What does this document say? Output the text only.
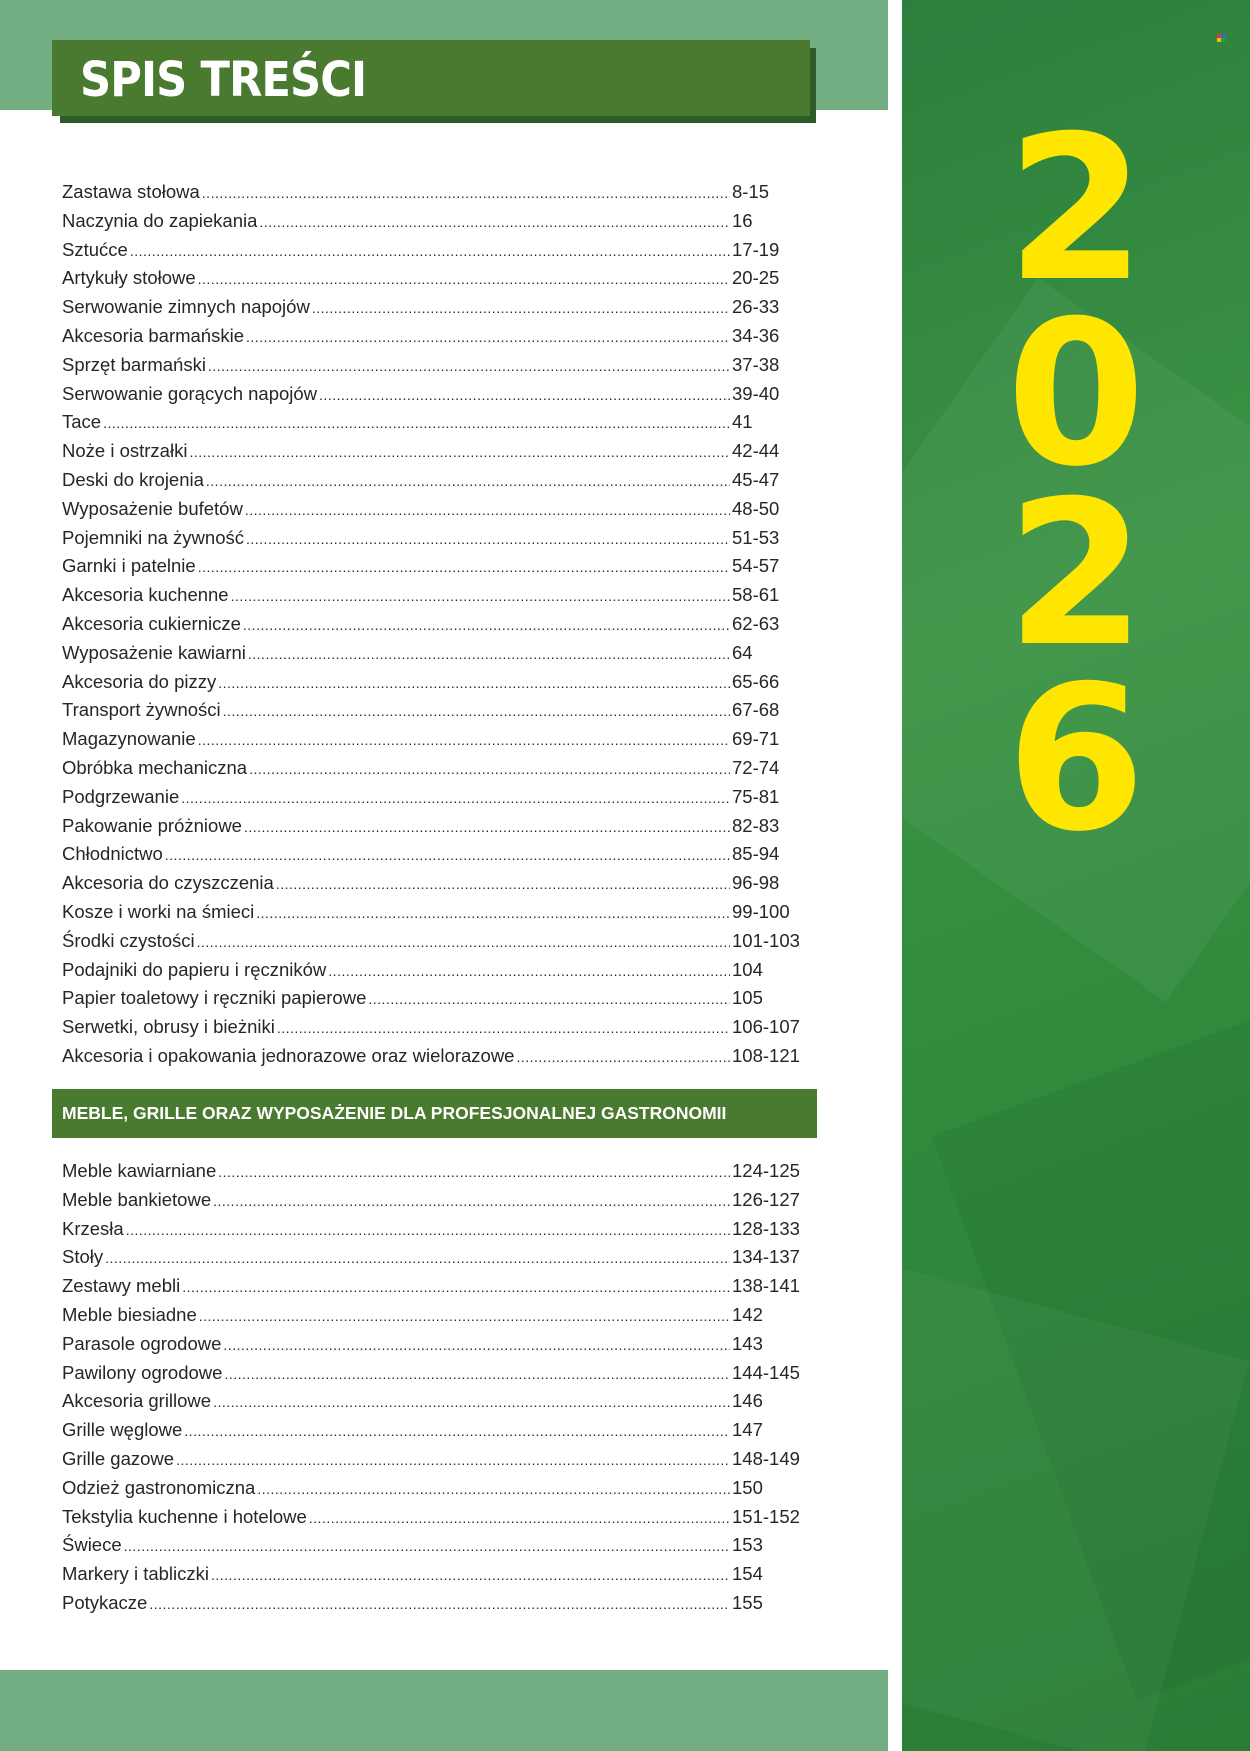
SPIS TREŚCI
2
0
2
6
Zastawa stołowa .....	8-15
Naczynia do zapiekania .....	16
Sztućce .....	17-19
Artykuły stołowe .....	20-25
Serwowanie zimnych napojów .....	26-33
Akcesoria barmańskie .....	34-36
Sprzęt barmański .....	37-38
Serwowanie gorących napojów .....	39-40
Tace .....	41
Noże i ostrzałki .....	42-44
Deski do krojenia .....	45-47
Wyposażenie bufetów .....	48-50
Pojemniki na żywność .....	51-53
Garnki i patelnie .....	54-57
Akcesoria kuchenne .....	58-61
Akcesoria cukiernicze .....	62-63
Wyposażenie kawiarni .....	64
Akcesoria do pizzy .....	65-66
Transport żywności .....	67-68
Magazynowanie .....	69-71
Obróbka mechaniczna .....	72-74
Podgrzewanie .....	75-81
Pakowanie próżniowe .....	82-83
Chłodnictwo .....	85-94
Akcesoria do czyszczenia .....	96-98
Kosze i worki na śmieci .....	99-100
Środki czystości .....	101-103
Podajniki do papieru i ręczników .....	104
Papier toaletowy i ręczniki papierowe .....	105
Serwetki, obrusy i bieżniki .....	106-107
Akcesoria i opakowania jednorazowe oraz wielorazowe .....	108-121
MEBLE, GRILLE ORAZ WYPOSAŻENIE DLA PROFESJONALNEJ GASTRONOMII
Meble kawiarniane .....	124-125
Meble bankietowe .....	126-127
Krzesła .....	128-133
Stoły .....	134-137
Zestawy mebli .....	138-141
Meble biesiadne .....	142
Parasole ogrodowe .....	143
Pawilony ogrodowe .....	144-145
Akcesoria grillowe .....	146
Grille węglowe .....	147
Grille gazowe .....	148-149
Odzież gastronomiczna .....	150
Tekstylia kuchenne i hotelowe .....	151-152
Świece .....	153
Markery i tabliczki .....	154
Potykacze .....	155
